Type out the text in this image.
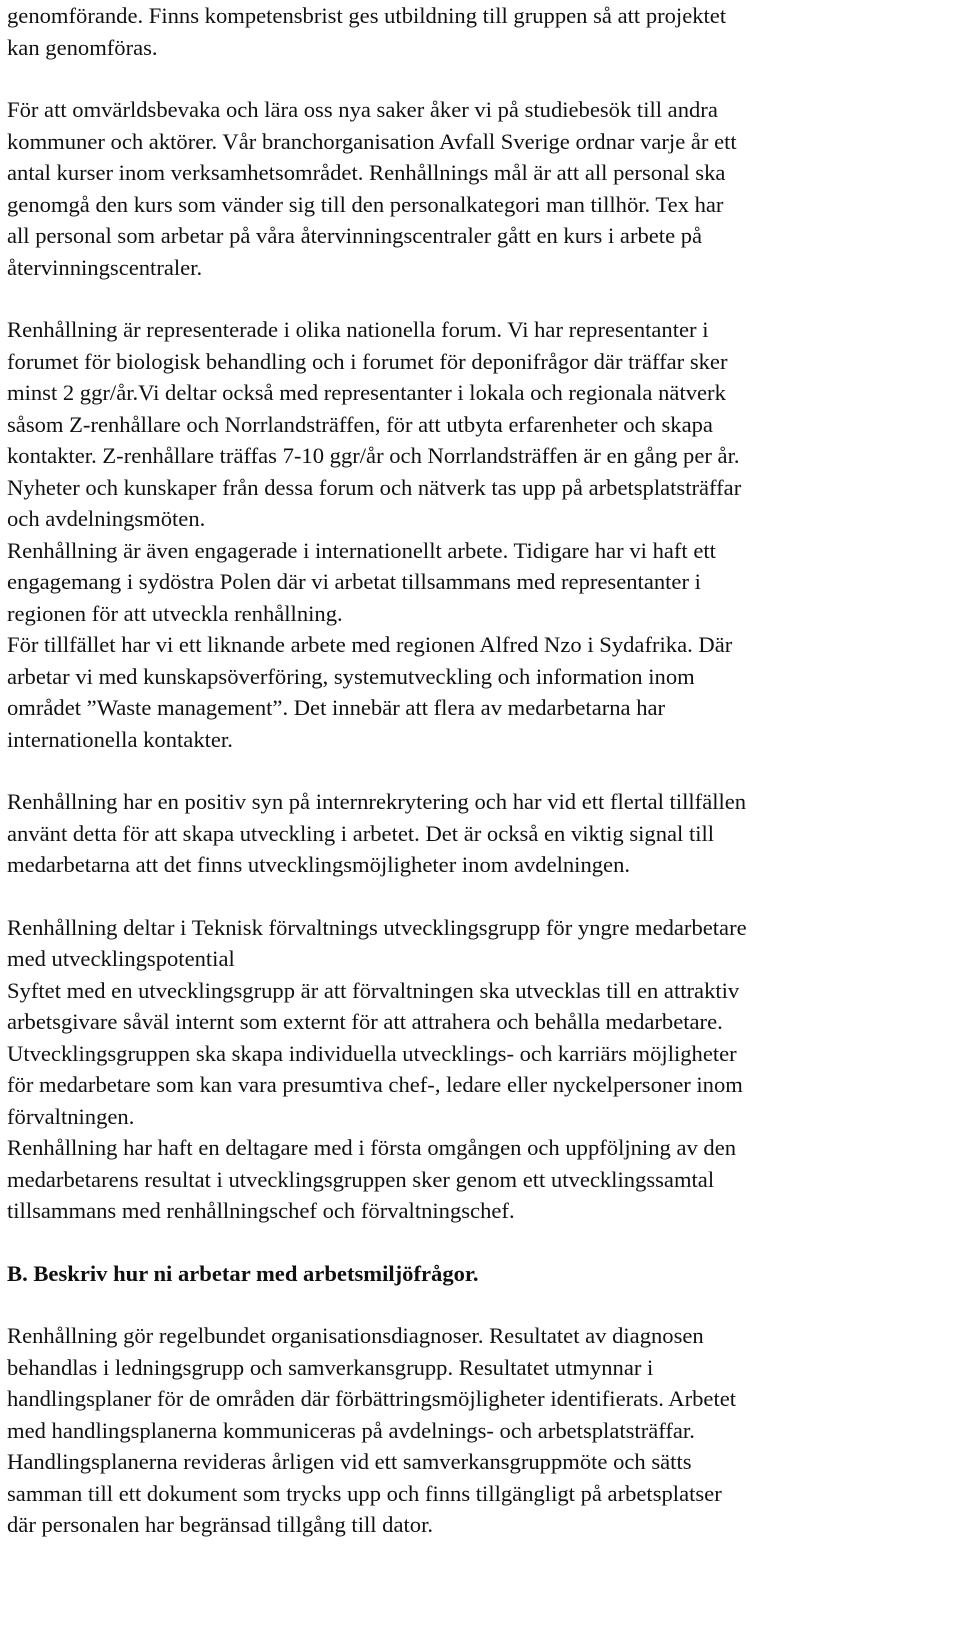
genomförande. Finns kompetensbrist ges utbildning till gruppen så att projektet
kan genomföras.
För att omvärldsbevaka och lära oss nya saker åker vi på studiebesök till andra
kommuner och aktörer. Vår branchorganisation Avfall Sverige ordnar varje år ett
antal kurser inom verksamhetsområdet. Renhållnings mål är att all personal ska
genomgå den kurs som vänder sig till den personalkategori man tillhör. Tex har
all personal som arbetar på våra återvinningscentraler gått en kurs i arbete på
återvinningscentraler.
Renhållning är representerade i olika nationella forum. Vi har representanter i
forumet för biologisk behandling och i forumet för deponifrågor där träffar sker
minst 2 ggr/år.Vi deltar också med representanter i lokala och regionala nätverk
såsom Z-renhållare och Norrlandsträffen, för att utbyta erfarenheter och skapa
kontakter. Z-renhållare träffas 7-10 ggr/år och Norrlandsträffen är en gång per år.
Nyheter och kunskaper från dessa forum och nätverk tas upp på arbetsplatsträffar
och avdelningsmöten.
Renhållning är även engagerade i internationellt arbete. Tidigare har vi haft ett
engagemang i sydöstra Polen där vi arbetat tillsammans med representanter i
regionen för att utveckla renhållning.
För tillfället har vi ett liknande arbete med regionen Alfred Nzo i Sydafrika. Där
arbetar vi med kunskapsöverföring, systemutveckling och information inom
området ”Waste management”. Det innebär att flera av medarbetarna har
internationella kontakter.
Renhållning har en positiv syn på internrekrytering och har vid ett flertal tillfällen
använt detta för att skapa utveckling i arbetet. Det är också en viktig signal till
medarbetarna att det finns utvecklingsmöjligheter inom avdelningen.
Renhållning deltar i Teknisk förvaltnings utvecklingsgrupp för yngre medarbetare
med utvecklingspotential
Syftet med en utvecklingsgrupp är att förvaltningen ska utvecklas till en attraktiv
arbetsgivare såväl internt som externt för att attrahera och behålla medarbetare.
Utvecklingsgruppen ska skapa individuella utvecklings- och karriärs möjligheter
för medarbetare som kan vara presumtiva chef-, ledare eller nyckelpersoner inom
förvaltningen.
Renhållning har haft en deltagare med i första omgången och uppföljning av den
medarbetarens resultat i utvecklingsgruppen sker genom ett utvecklingssamtal
tillsammans med renhållningschef och förvaltningschef.
B. Beskriv hur ni arbetar med arbetsmiljöfrågor.
Renhållning gör regelbundet organisationsdiagnoser. Resultatet av diagnosen
behandlas i ledningsgrupp och samverkansgrupp. Resultatet utmynnar i
handlingsplaner för de områden där förbättringsmöjligheter identifierats. Arbetet
med handlingsplanerna kommuniceras på avdelnings- och arbetsplatsträffar.
Handlingsplanerna revideras årligen vid ett samverkansgruppmöte och sätts
samman till ett dokument som trycks upp och finns tillgängligt på arbetsplatser
där personalen har begränsad tillgång till dator.
